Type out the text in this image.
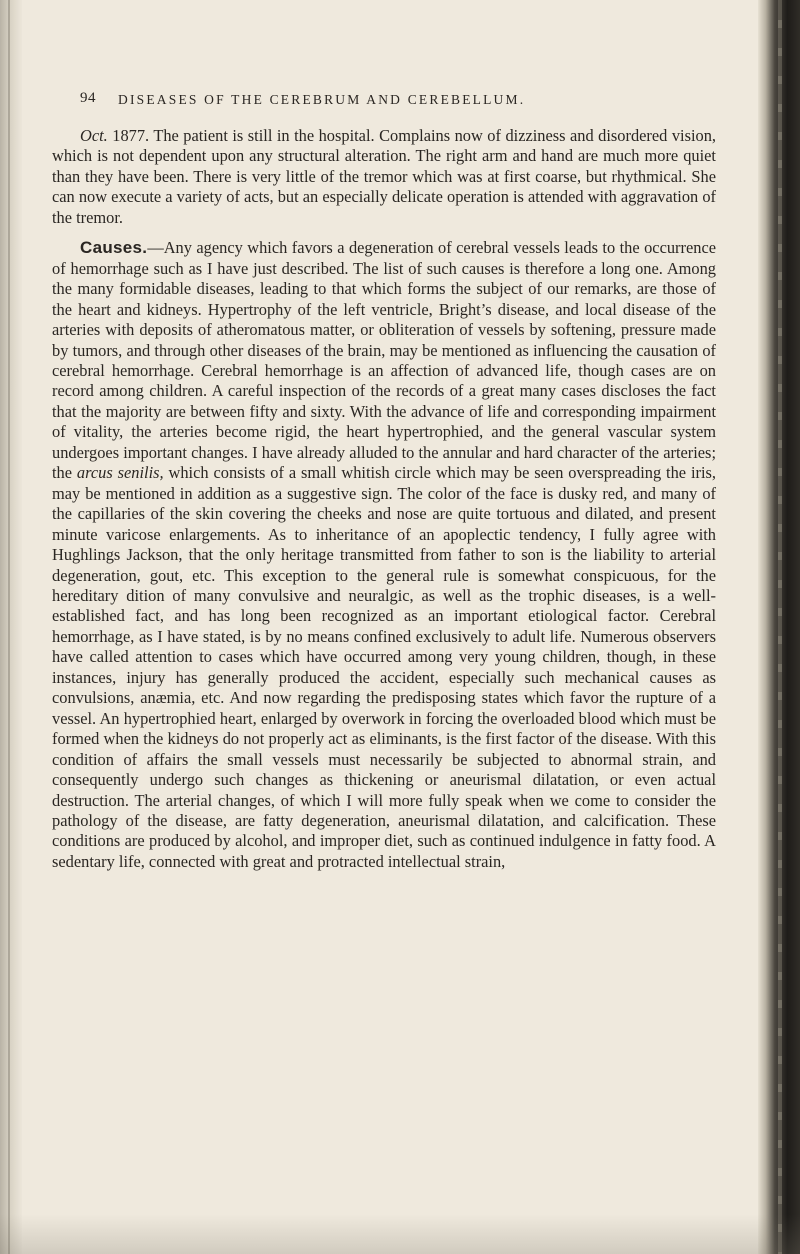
94 DISEASES OF THE CEREBRUM AND CEREBELLUM.

Oct. 1877. The patient is still in the hospital. Complains now of dizziness and disordered vision, which is not dependent upon any structural alteration. The right arm and hand are much more quiet than they have been. There is very little of the tremor which was at first coarse, but rhythmical. She can now execute a variety of acts, but an especially delicate operation is attended with aggravation of the tremor.

Causes.—Any agency which favors a degeneration of cerebral vessels leads to the occurrence of hemorrhage such as I have just described. The list of such causes is therefore a long one. Among the many formidable diseases, leading to that which forms the subject of our remarks, are those of the heart and kidneys. Hypertrophy of the left ventricle, Bright’s disease, and local disease of the arteries with deposits of atheromatous matter, or obliteration of vessels by softening, pressure made by tumors, and through other diseases of the brain, may be mentioned as influencing the causation of cerebral hemorrhage. Cerebral hemorrhage is an affection of advanced life, though cases are on record among children. A careful inspection of the records of a great many cases discloses the fact that the majority are between fifty and sixty. With the advance of life and corresponding impairment of vitality, the arteries become rigid, the heart hypertrophied, and the general vascular system undergoes important changes. I have already alluded to the annular and hard character of the arteries; the arcus senilis, which consists of a small whitish circle which may be seen overspreading the iris, may be mentioned in addition as a suggestive sign. The color of the face is dusky red, and many of the capillaries of the skin covering the cheeks and nose are quite tortuous and dilated, and present minute varicose enlargements. As to inheritance of an apoplectic tendency, I fully agree with Hughlings Jackson, that the only heritage transmitted from father to son is the liability to arterial degeneration, gout, etc. This exception to the general rule is somewhat conspicuous, for the hereditary dition of many convulsive and neuralgic, as well as the trophic diseases, is a well-established fact, and has long been recognized as an important etiological factor. Cerebral hemorrhage, as I have stated, is by no means confined exclusively to adult life. Numerous observers have called attention to cases which have occurred among very young children, though, in these instances, injury has generally produced the accident, especially such mechanical causes as convulsions, anæmia, etc. And now regarding the predisposing states which favor the rupture of a vessel. An hypertrophied heart, enlarged by overwork in forcing the overloaded blood which must be formed when the kidneys do not properly act as eliminants, is the first factor of the disease. With this condition of affairs the small vessels must necessarily be subjected to abnormal strain, and consequently undergo such changes as thickening or aneurismal dilatation, or even actual destruction. The arterial changes, of which I will more fully speak when we come to consider the pathology of the disease, are fatty degeneration, aneurismal dilatation, and calcification. These conditions are produced by alcohol, and improper diet, such as continued indulgence in fatty food. A sedentary life, connected with great and protracted intellectual strain,
